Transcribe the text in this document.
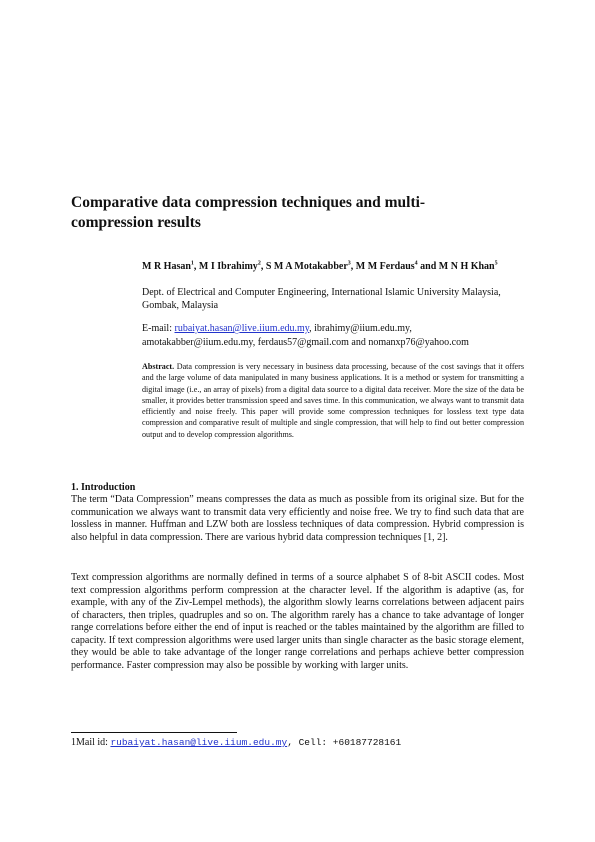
Comparative data compression techniques and multi-compression results
M R Hasan$^1$, M I Ibrahimy$^2$, S M A Motakabber$^3$, M M Ferdaus$^4$ and M N H Khan$^5$
Dept. of Electrical and Computer Engineering, International Islamic University Malaysia, Gombak, Malaysia
E-mail: rubaiyat.hasan@live.iium.edu.my, ibrahimy@iium.edu.my, amotakabber@iium.edu.my, ferdaus57@gmail.com and nomanxp76@yahoo.com
Abstract. Data compression is very necessary in business data processing, because of the cost savings that it offers and the large volume of data manipulated in many business applications. It is a method or system for transmitting a digital image (i.e., an array of pixels) from a digital data source to a digital data receiver. More the size of the data be smaller, it provides better transmission speed and saves time. In this communication, we always want to transmit data efficiently and noise freely. This paper will provide some compression techniques for lossless text type data compression and comparative result of multiple and single compression, that will help to find out better compression output and to develop compression algorithms.
1. Introduction

The term “Data Compression” means compresses the data as much as possible from its original size. But for the communication we always want to transmit data very efficiently and noise free. We try to find such data that are lossless in manner. Huffman and LZW both are lossless techniques of data compression. Hybrid compression is also helpful in data compression. There are various hybrid data compression techniques [1, 2].

Text compression algorithms are normally defined in terms of a source alphabet S of 8-bit ASCII codes. Most text compression algorithms perform compression at the character level. If the algorithm is adaptive (as, for example, with any of the Ziv-Lempel methods), the algorithm slowly learns correlations between adjacent pairs of characters, then triples, quadruples and so on. The algorithm rarely has a chance to take advantage of longer range correlations before either the end of input is reached or the tables maintained by the algorithm are filled to capacity. If text compression algorithms were used larger units than single character as the basic storage element, they would be able to take advantage of the longer range correlations and perhaps achieve better compression performance. Faster compression may also be possible by working with larger units.

1Mail id: rubaiyat.hasan@live.iium.edu.my, Cell: +60187728161
